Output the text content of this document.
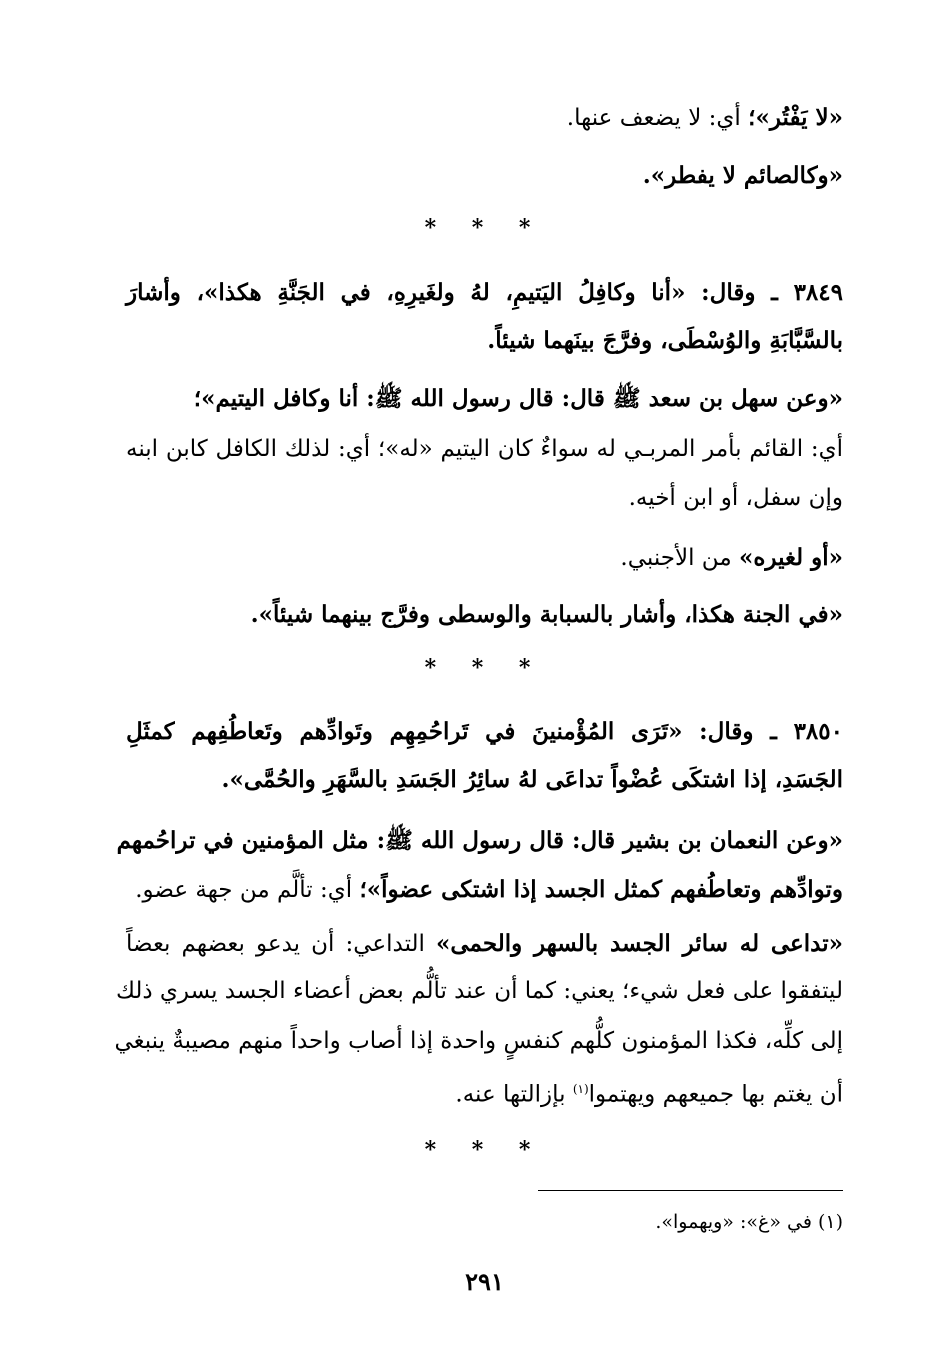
«لا يَفْتُر»؛ أي: لا يضعف عنها.
«وكالصائم لا يفطر».
* * *
٣٨٤٩ ـ وقال: «أنا وكافِلُ اليَتيمِ، لهُ ولغَيرِهِ، في الجَنَّةِ هكذا»، وأشارَ
بالسَّبَّابَةِ والوُسْطَى، وفرَّجَ بينَهما شيئاً.
«وعن سهل بن سعد ﷺ قال: قال رسول الله ﷺ: أنا وكافل اليتيم»؛
أي: القائم بأمر المربـي له سواءٌ كان اليتيم «له»؛ أي: لذلك الكافل كابن ابنه
وإن سفل، أو ابن أخيه.
«أو لغيره» من الأجنبي.
«في الجنة هكذا، وأشار بالسبابة والوسطى وفرَّج بينهما شيئاً».
* * *
٣٨٥٠ ـ وقال: «تَرَى المُؤْمنينَ في تَراحُمِهِم وتَوادِّهم وتَعاطُفِهم كمثَلِ
الجَسَدِ، إذا اشتكَى عُضْواً تداعَى لهُ سائِرُ الجَسَدِ بالسَّهَرِ والحُمَّى».
«وعن النعمان بن بشير قال: قال رسول الله ﷺ: مثل المؤمنين في تراحُمهم
وتوادِّهم وتعاطُفهم كمثل الجسد إذا اشتكى عضواً»؛ أي: تألَّم من جهة عضو.
«تداعى له سائر الجسد بالسهر والحمى» التداعي: أن يدعو بعضهم بعضاً
ليتفقوا على فعل شيء؛ يعني: كما أن عند تألُّم بعض أعضاء الجسد يسري ذلك
إلى كلِّه، فكذا المؤمنون كلُّهم كنفسٍ واحدة إذا أصاب واحداً منهم مصيبةٌ ينبغي
أن يغتم بها جميعهم ويهتموا$^{(١)}$ بإزالتها عنه.
* * *
(١) في «غ»: «ويهموا».
٢٩١
